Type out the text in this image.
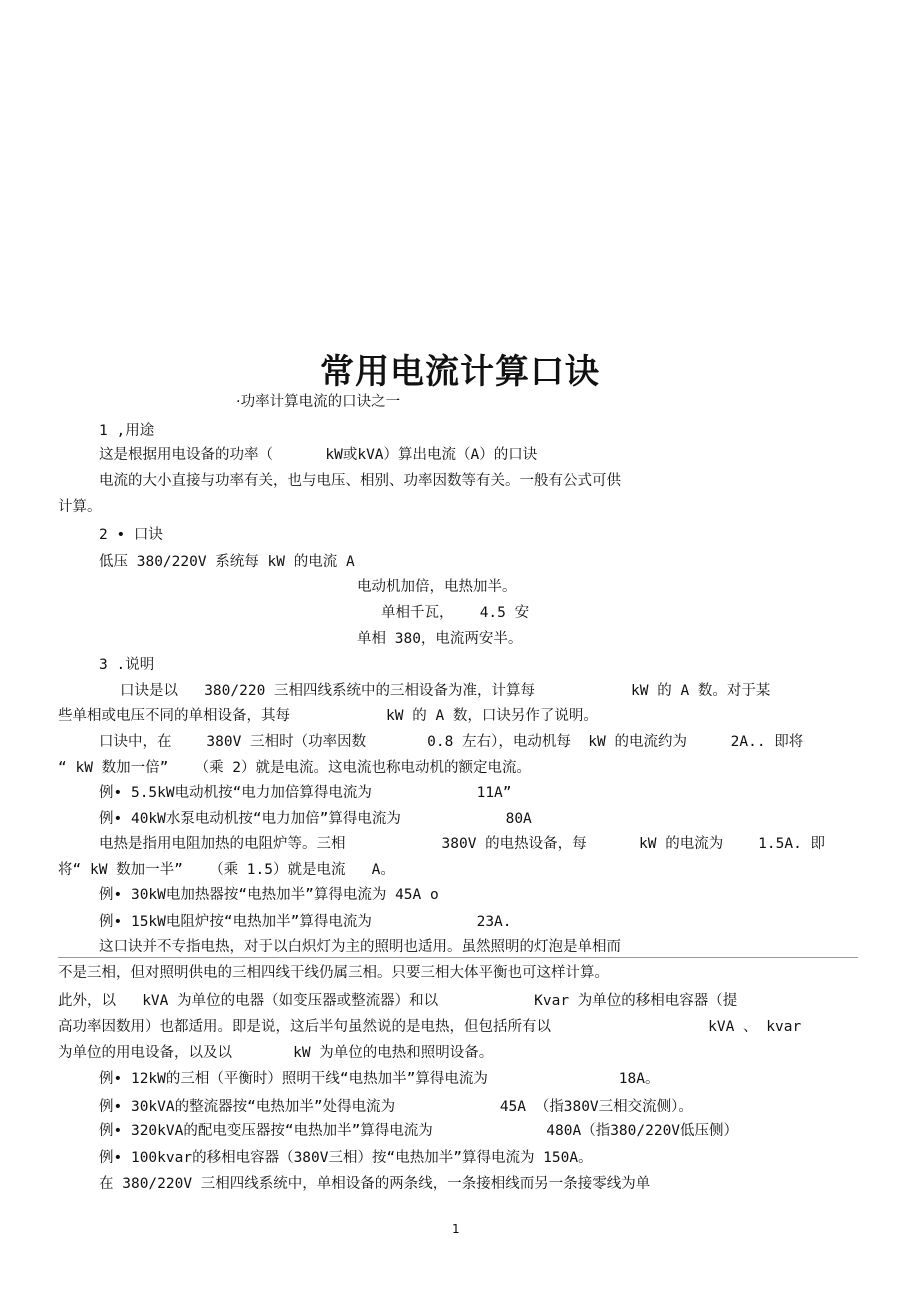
常用电流计算口诀
·功率计算电流的口诀之一
1 ,用途
这是根据用电设备的功率（      kW或kVA）算出电流（A）的口诀
电流的大小直接与功率有关，也与电压、相别、功率因数等有关。一般有公式可供
计算。
2 • 口诀
低压 380/220V 系统每 kW 的电流 A
电动机加倍，电热加半。
单相千瓦，   4.5 安
单相 380，电流两安半。
3 .说明
口诀是以   380/220 三相四线系统中的三相设备为准，计算每           kW 的 A 数。对于某
些单相或电压不同的单相设备，其每           kW 的 A 数，口诀另作了说明。
口诀中，在    380V 三相时（功率因数       0.8 左右），电动机每  kW 的电流约为     2A.. 即将
“ kW 数加一倍”   （乘 2）就是电流。这电流也称电动机的额定电流。
例• 5.5kW电动机按“电力加倍算得电流为            11A”
例• 40kW水泵电动机按“电力加倍”算得电流为            80A
电热是指用电阻加热的电阻炉等。三相           380V 的电热设备，每      kW 的电流为    1.5A. 即
将“ kW 数加一半”   （乘 1.5）就是电流   A。
例• 30kW电加热器按“电热加半”算得电流为 45A o
例• 15kW电阻炉按“电热加半”算得电流为            23A.
这口诀并不专指电热，对于以白炽灯为主的照明也适用。虽然照明的灯泡是单相而
不是三相，但对照明供电的三相四线干线仍属三相。只要三相大体平衡也可这样计算。
此外，以   kVA 为单位的电器（如变压器或整流器）和以           Kvar 为单位的移相电容器（提
高功率因数用）也都适用。即是说，这后半句虽然说的是电热，但包括所有以                  kVA 、 kvar
为单位的用电设备，以及以       kW 为单位的电热和照明设备。
例• 12kW的三相（平衡时）照明干线“电热加半”算得电流为               18A。
例• 30kVA的整流器按“电热加半”处得电流为            45A （指380V三相交流侧）。
例• 320kVA的配电变压器按“电热加半”算得电流为             480A（指380/220V低压侧）
例• 100kvar的移相电容器（380V三相）按“电热加半”算得电流为 150A。
在 380/220V 三相四线系统中，单相设备的两条线，一条接相线而另一条接零线为单
1
